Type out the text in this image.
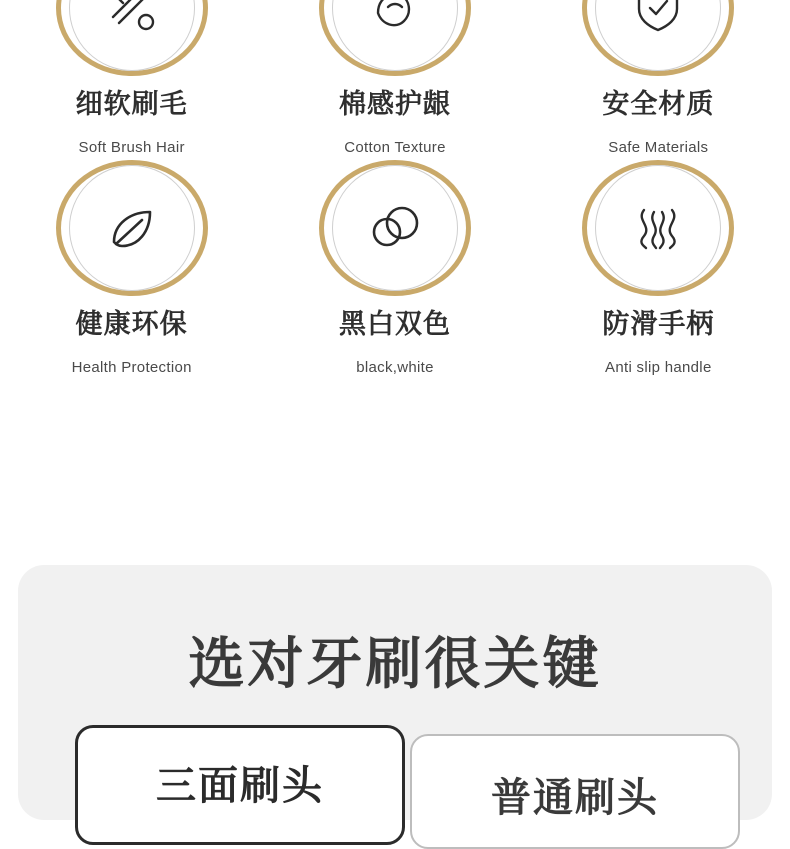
细软刷毛
Soft Brush Hair
棉感护龈
Cotton Texture
安全材质
Safe Materials
健康环保
Health Protection
黑白双色
black,white
防滑手柄
Anti slip handle
选对牙刷很关键
普通刷头
三面刷头
